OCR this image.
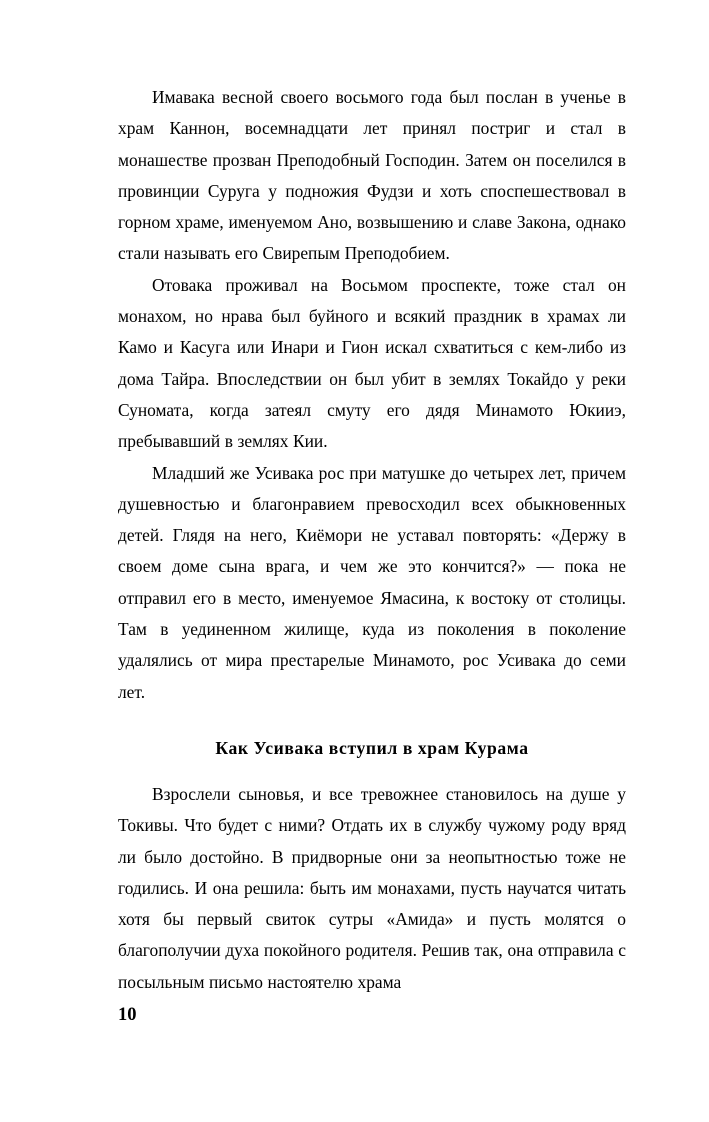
Имавака весной своего восьмого года был послан в ученье в храм Каннон, восемнадцати лет принял постриг и стал в монашестве прозван Преподобный Господин. Затем он поселился в провинции Суруга у подножия Фудзи и хоть споспешествовал в горном храме, именуемом Ано, возвышению и славе Закона, однако стали называть его Свирепым Преподобием.

Отовака проживал на Восьмом проспекте, тоже стал он монахом, но нрава был буйного и всякий праздник в храмах ли Камо и Касуга или Инари и Гион искал схватиться с кем-либо из дома Тайра. Впоследствии он был убит в землях Токайдо у реки Суномата, когда затеял смуту его дядя Минамото Юкииэ, пребывавший в землях Кии.

Младший же Усивака рос при матушке до четырех лет, причем душевностью и благонравием превосходил всех обыкновенных детей. Глядя на него, Киёмори не уставал повторять: «Держу в своем доме сына врага, и чем же это кончится?» — пока не отправил его в место, именуемое Ямасина, к востоку от столицы. Там в уединенном жилище, куда из поколения в поколение удалялись от мира престарелые Минамото, рос Усивака до семи лет.

Как Усивака вступил в храм Курама

Взрослели сыновья, и все тревожнее становилось на душе у Токивы. Что будет с ними? Отдать их в службу чужому роду вряд ли было достойно. В придворные они за неопытностью тоже не годились. И она решила: быть им монахами, пусть научатся читать хотя бы первый свиток сутры «Амида» и пусть молятся о благополучии духа покойного родителя. Решив так, она отправила с посыльным письмо настоятелю храма

10
